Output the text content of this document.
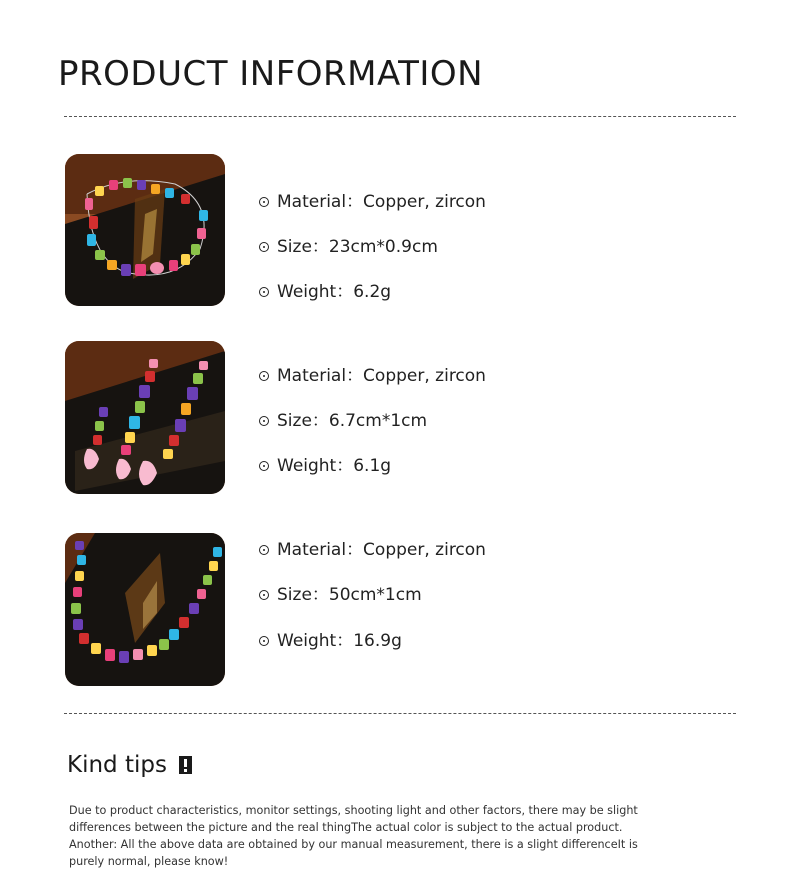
PRODUCT INFORMATION
Material：Copper, zircon
Size：23cm*0.9cm
Weight：6.2g
Material：Copper, zircon
Size：6.7cm*1cm
Weight：6.1g
Material：Copper, zircon
Size：50cm*1cm
Weight：16.9g
Kind tips

Due to product characteristics, monitor settings, shooting light and other factors, there may be slight differences between the picture and the real thingThe actual color is subject to the actual product. Another: All the above data are obtained by our manual measurement, there is a slight differenceIt is purely normal, please know!
